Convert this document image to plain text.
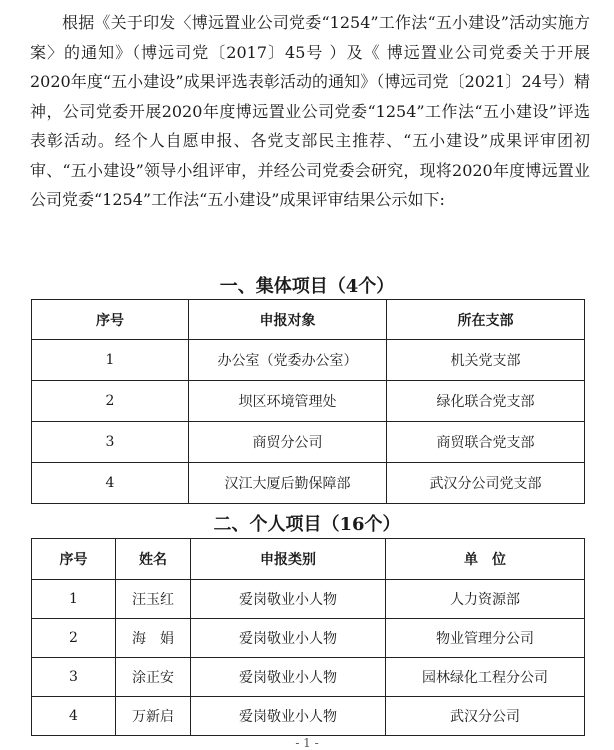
根据《关于印发〈博远置业公司党委“1254”工作法“五小建设”活动实施方案〉的通知》（博远司党〔2017〕45号 ）及《 博远置业公司党委关于开展2020年度“五小建设”成果评选表彰活动的通知》（博远司党〔2021〕24号）精神，公司党委开展2020年度博远置业公司党委“1254”工作法“五小建设”评选表彰活动。经个人自愿申报、各党支部民主推荐、“五小建设”成果评审团初审、“五小建设”领导小组评审，并经公司党委会研究，现将2020年度博远置业公司党委“1254”工作法“五小建设”成果评审结果公示如下:

一、集体项目（4个）
序号	申报对象	所在支部
1	办公室（党委办公室）	机关党支部
2	坝区环境管理处	绿化联合党支部
3	商贸分公司	商贸联合党支部
4	汉江大厦后勤保障部	武汉分公司党支部
二、个人项目（16个）
序号	姓名	申报类别	单　位
1	汪玉红	爱岗敬业小人物	人力资源部
2	海　娟	爱岗敬业小人物	物业管理分公司
3	涂正安	爱岗敬业小人物	园林绿化工程分公司
4	万新启	爱岗敬业小人物	武汉分公司
- 1 -
